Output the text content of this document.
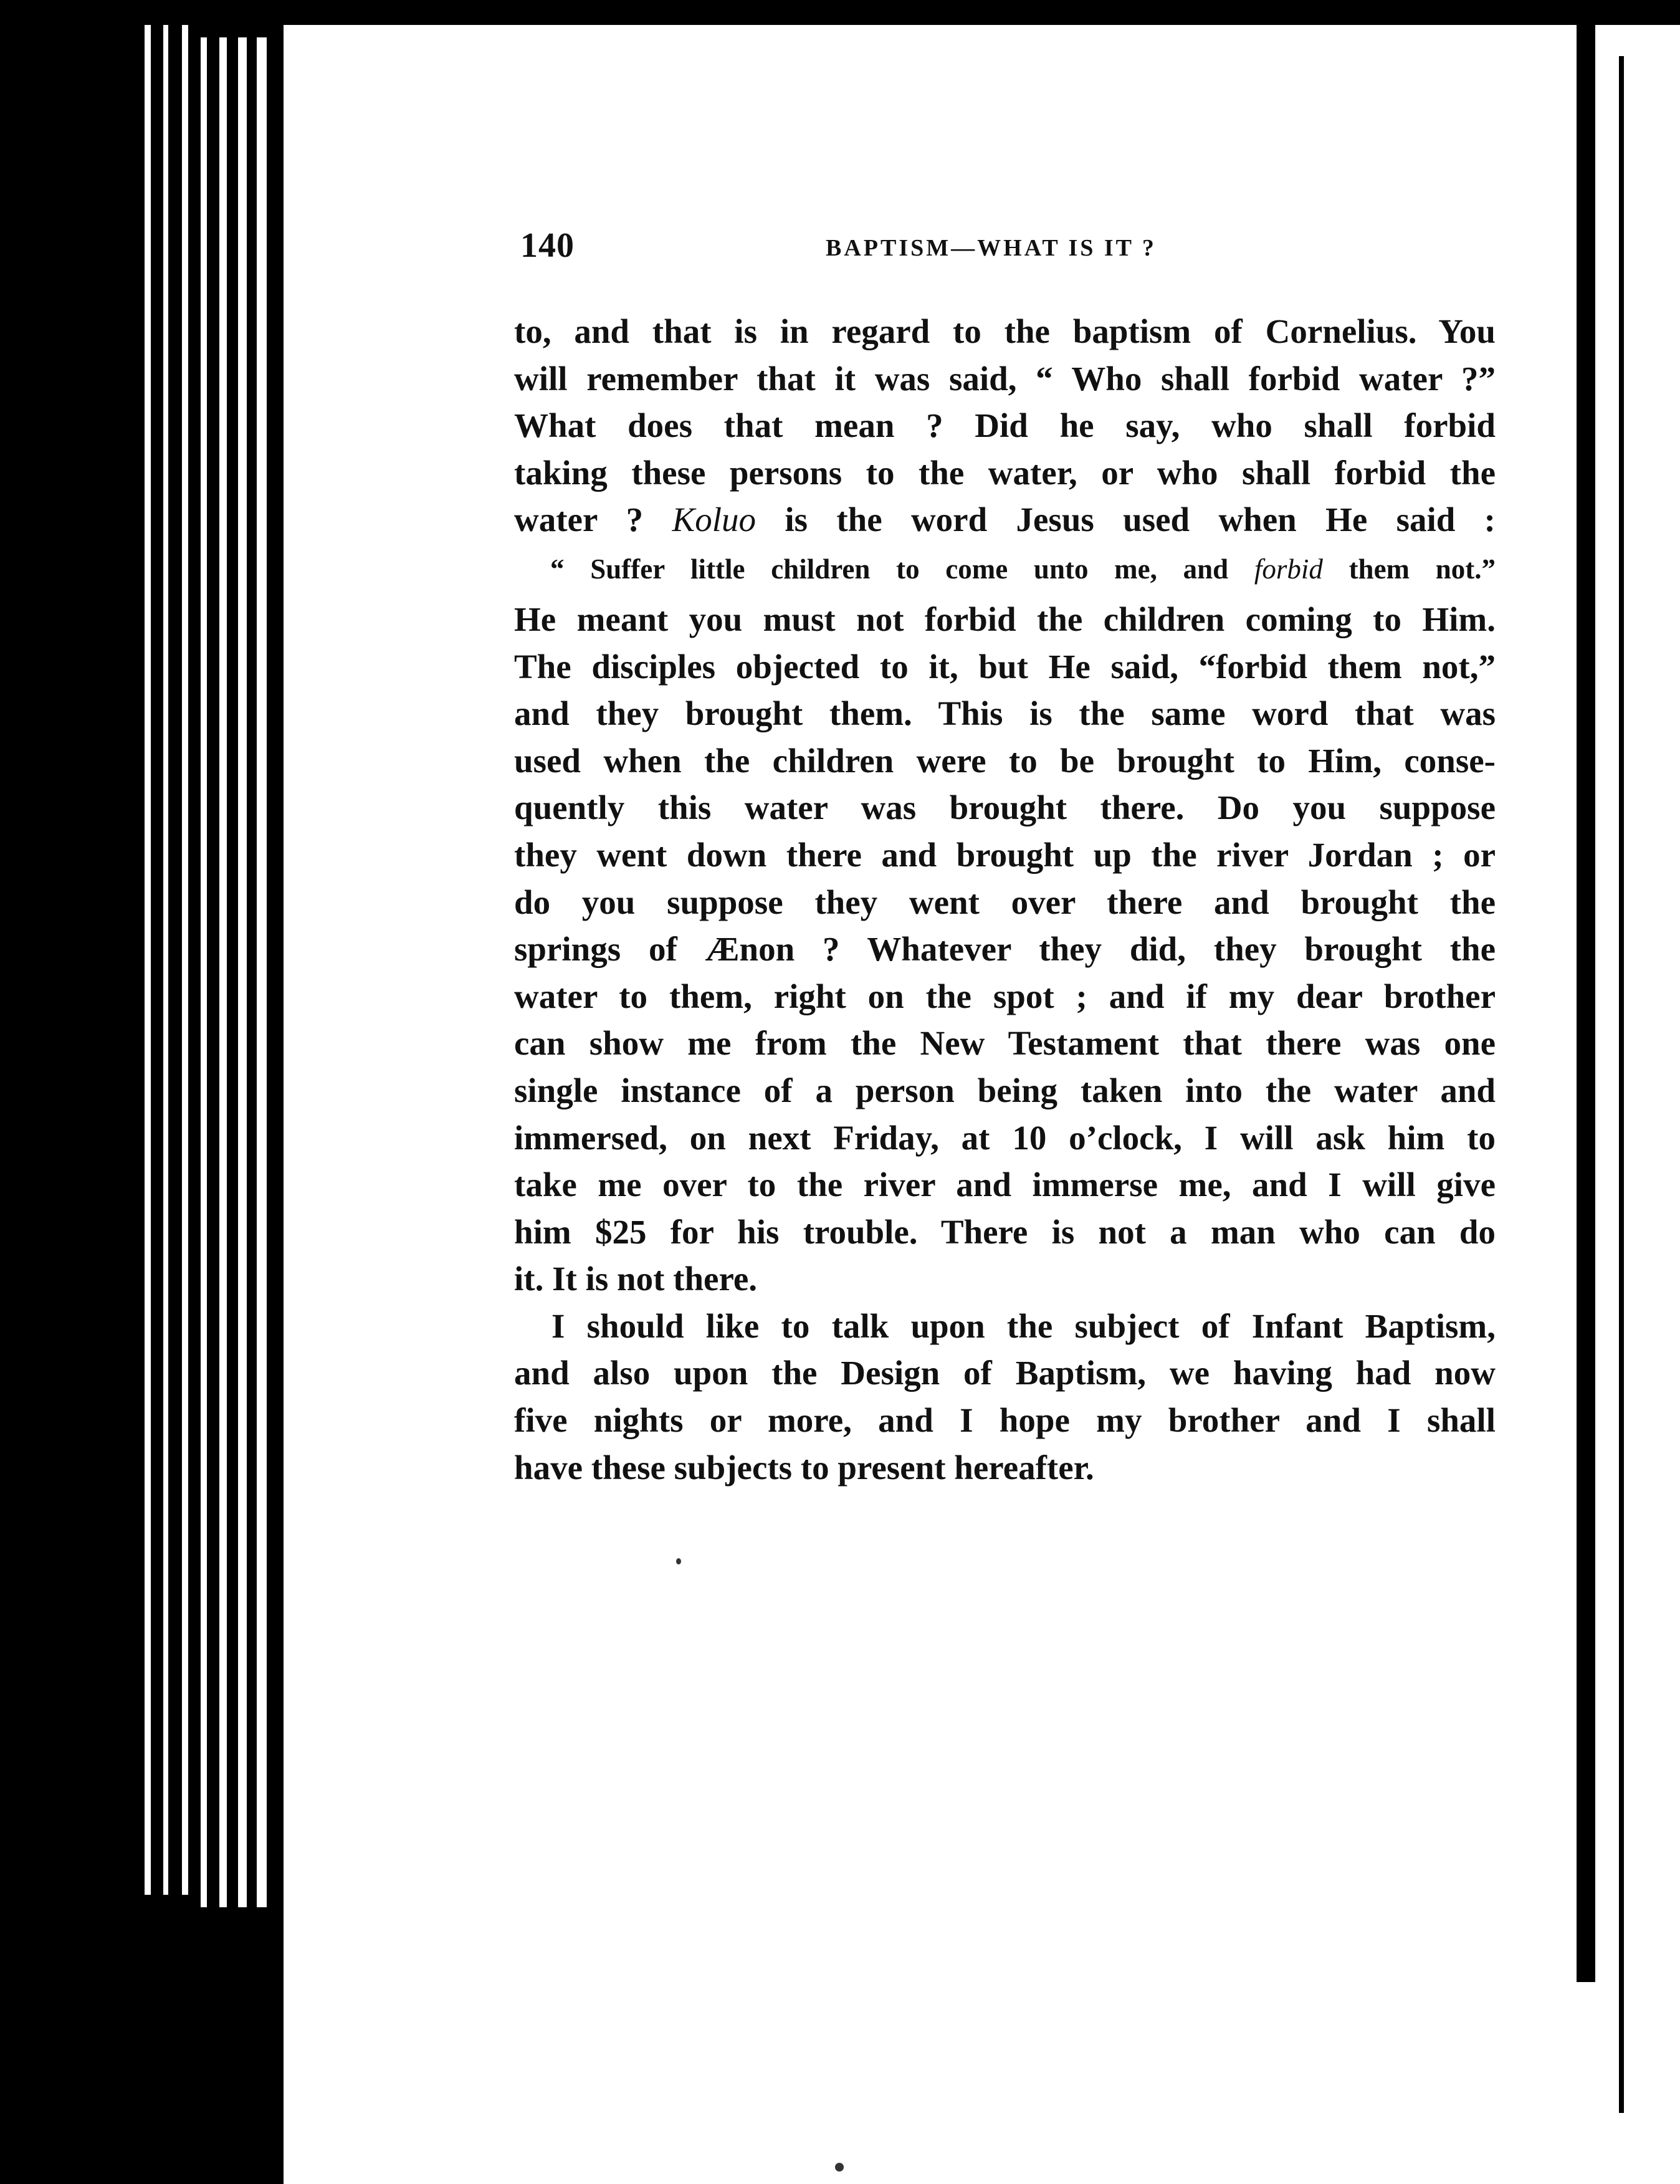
140	BAPTISM—WHAT IS IT ?
to, and that is in regard to the baptism of Cornelius. You
will remember that it was said, “ Who shall forbid water ?”
What does that mean ? Did he say, who shall forbid
taking these persons to the water, or who shall forbid the
water ? Koluo is the word Jesus used when He said :
“ Suffer little children to come unto me, and forbid them not.”
He meant you must not forbid the children coming to Him.
The disciples objected to it, but He said, “forbid them not,”
and they brought them. This is the same word that was
used when the children were to be brought to Him, conse-
quently this water was brought there. Do you suppose
they went down there and brought up the river Jordan ; or
do you suppose they went over there and brought the
springs of Ænon ? Whatever they did, they brought the
water to them, right on the spot ; and if my dear brother
can show me from the New Testament that there was one
single instance of a person being taken into the water and
immersed, on next Friday, at 10 o’clock, I will ask him to
take me over to the river and immerse me, and I will give
him $25 for his trouble. There is not a man who can do
it. It is not there.
I should like to talk upon the subject of Infant Baptism,
and also upon the Design of Baptism, we having had now
five nights or more, and I hope my brother and I shall
have these subjects to present hereafter.
